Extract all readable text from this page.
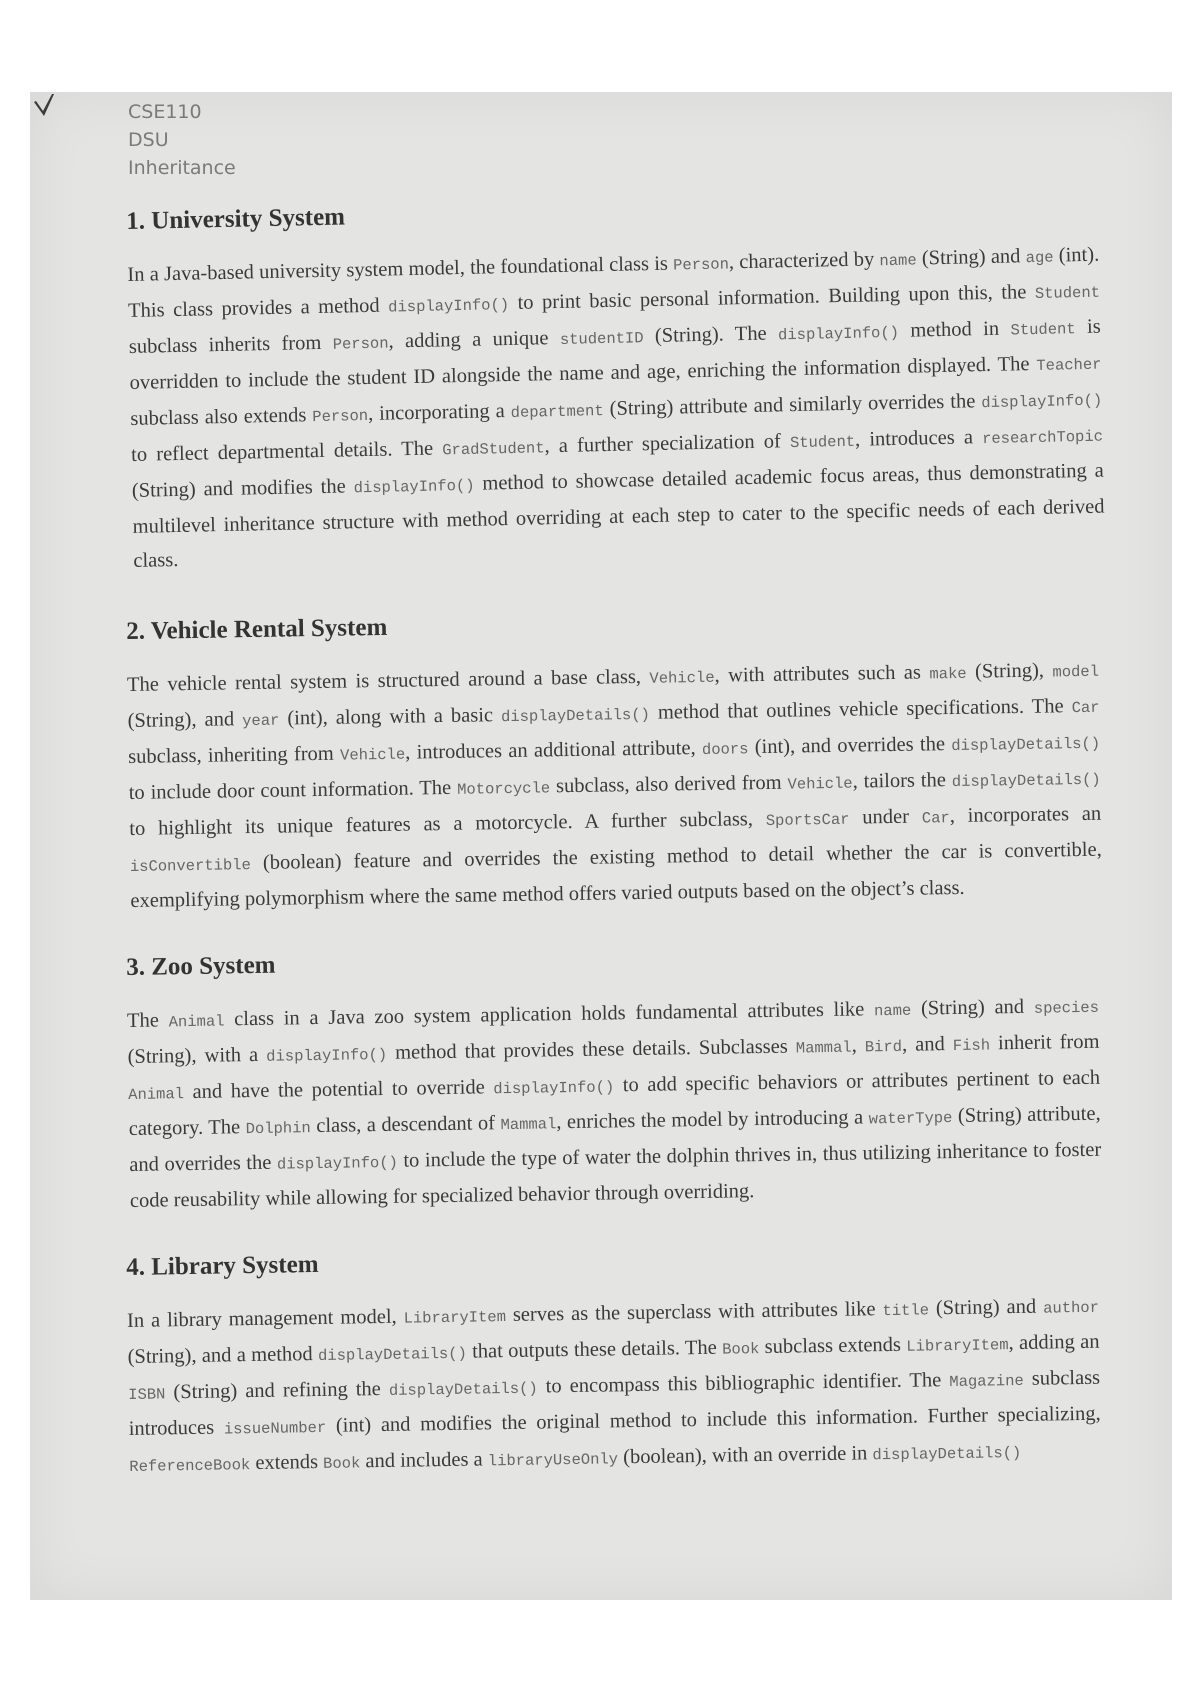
CSE110
DSU
Inheritance
1. University System

In a Java-based university system model, the foundational class is Person, characterized by name (String) and age (int). This class provides a method displayInfo() to print basic personal information. Building upon this, the Student subclass inherits from Person, adding a unique studentID (String). The displayInfo() method in Student is overridden to include the student ID alongside the name and age, enriching the information displayed. The Teacher subclass also extends Person, incorporating a department (String) attribute and similarly overrides the displayInfo() to reflect departmental details. The GradStudent, a further specialization of Student, introduces a researchTopic (String) and modifies the displayInfo() method to showcase detailed academic focus areas, thus demonstrating a multilevel inheritance structure with method overriding at each step to cater to the specific needs of each derived class.

2. Vehicle Rental System

The vehicle rental system is structured around a base class, Vehicle, with attributes such as make (String), model (String), and year (int), along with a basic displayDetails() method that outlines vehicle specifications. The Car subclass, inheriting from Vehicle, introduces an additional attribute, doors (int), and overrides the displayDetails() to include door count information. The Motorcycle subclass, also derived from Vehicle, tailors the displayDetails() to highlight its unique features as a motorcycle. A further subclass, SportsCar under Car, incorporates an isConvertible (boolean) feature and overrides the existing method to detail whether the car is convertible, exemplifying polymorphism where the same method offers varied outputs based on the object’s class.

3. Zoo System

The Animal class in a Java zoo system application holds fundamental attributes like name (String) and species (String), with a displayInfo() method that provides these details. Subclasses Mammal, Bird, and Fish inherit from Animal and have the potential to override displayInfo() to add specific behaviors or attributes pertinent to each category. The Dolphin class, a descendant of Mammal, enriches the model by introducing a waterType (String) attribute, and overrides the displayInfo() to include the type of water the dolphin thrives in, thus utilizing inheritance to foster code reusability while allowing for specialized behavior through overriding.

4. Library System

In a library management model, LibraryItem serves as the superclass with attributes like title (String) and author (String), and a method displayDetails() that outputs these details. The Book subclass extends LibraryItem, adding an ISBN (String) and refining the displayDetails() to encompass this bibliographic identifier. The Magazine subclass introduces issueNumber (int) and modifies the original method to include this information. Further specializing, ReferenceBook extends Book and includes a libraryUseOnly (boolean), with an override in displayDetails()
